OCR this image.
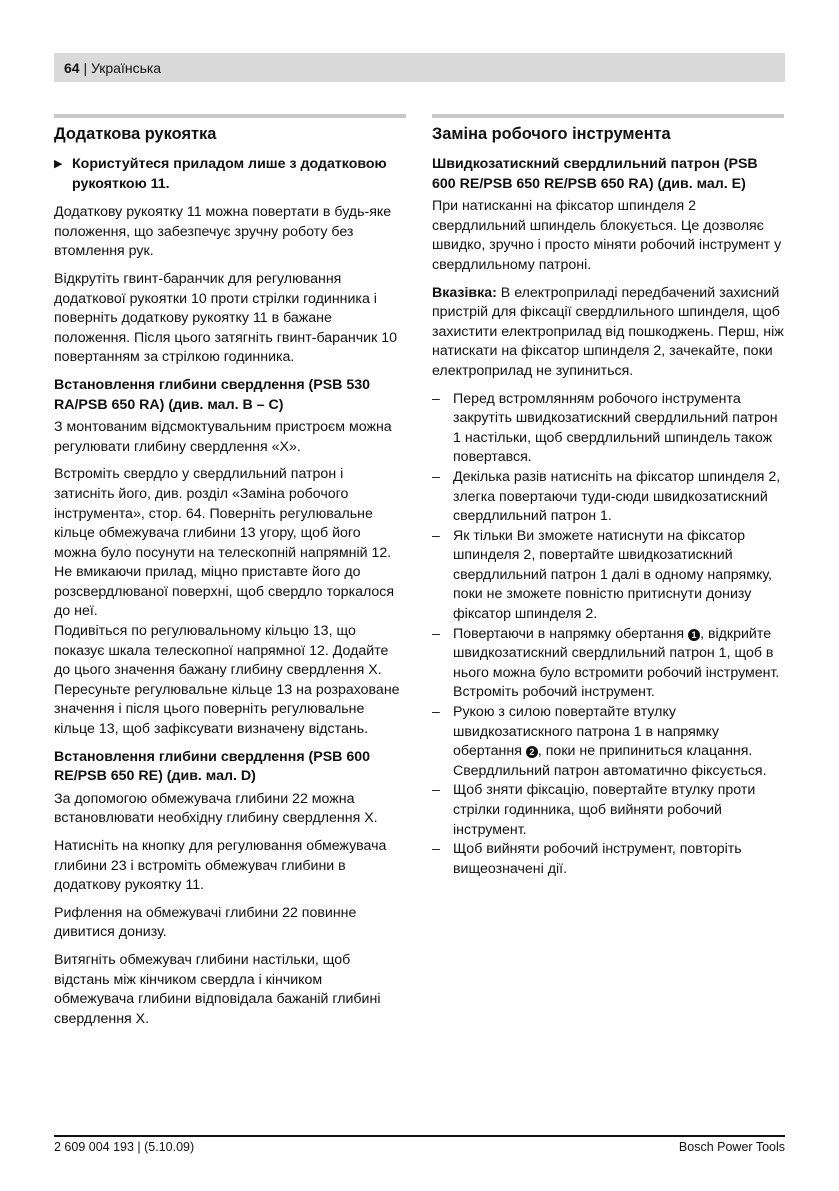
64
|
Українська
Додаткова рукоятка
▶ Користуйтеся приладом лише з додатковою рукояткою 11.

Додаткову рукоятку 11 можна повертати в будь-яке положення, що забезпечує зручну роботу без втомлення рук.

Відкрутіть гвинт-баранчик для регулювання додаткової рукоятки 10 проти стрілки годинника і поверніть додаткову рукоятку 11 в бажане положення. Після цього затягніть гвинт-баранчик 10 повертанням за стрілкою годинника.

Встановлення глибини свердлення (PSB 530 RA/PSB 650 RA) (див. мал. B – C)

З монтованим відсмоктувальним пристроєм можна регулювати глибину свердлення «X».

Встроміть свердло у свердлильний патрон і затисніть його, див. розділ «Заміна робочого інструмента», стор. 64. Поверніть регулювальне кільце обмежувача глибини 13 угору, щоб його можна було посунути на телескопній напрямній 12. Не вмикаючи прилад, міцно приставте його до розсвердлюваної поверхні, щоб свердло торкалося до неї.

Подивіться по регулювальному кільцю 13, що показує шкала телескопної напрямної 12. Додайте до цього значення бажану глибину свердлення X. Пересуньте регулювальне кільце 13 на розраховане значення і після цього поверніть регулювальне кільце 13, щоб зафіксувати визначену відстань.

Встановлення глибини свердлення (PSB 600 RE/PSB 650 RE) (див. мал. D)

За допомогою обмежувача глибини 22 можна встановлювати необхідну глибину свердлення X.

Натисніть на кнопку для регулювання обмежувача глибини 23 і встроміть обмежувач глибини в додаткову рукоятку 11.

Рифлення на обмежувачі глибини 22 повинне дивитися донизу.

Витягніть обмежувач глибини настільки, щоб відстань між кінчиком свердла і кінчиком обмежувача глибини відповідала бажаній глибині свердлення X.

Заміна робочого інструмента
Швидкозатискний свердлильний патрон (PSB 600 RE/PSB 650 RE/PSB 650 RA) (див. мал. E)

При натисканні на фіксатор шпинделя 2 свердлильний шпиндель блокується. Це дозволяє швидко, зручно і просто міняти робочий інструмент у свердлильному патроні.

Вказівка: В електроприладі передбачений захисний пристрій для фіксації свердлильного шпинделя, щоб захистити електроприлад від пошкоджень. Перш, ніж натискати на фіксатор шпинделя 2, зачекайте, поки електроприлад не зупиниться.

– Перед встромлянням робочого інструмента закрутіть швидкозатискний свердлильний патрон 1 настільки, щоб свердлильний шпиндель також повертався.
– Декілька разів натисніть на фіксатор шпинделя 2, злегка повертаючи туди-сюди швидкозатискний свердлильний патрон 1.
– Як тільки Ви зможете натиснути на фіксатор шпинделя 2, повертайте швидкозатискний свердлильний патрон 1 далі в одному напрямку, поки не зможете повністю притиснути донизу фіксатор шпинделя 2.
– Повертаючи в напрямку обертання 1 , відкрийте швидкозатискний свердлильний патрон 1, щоб в нього можна було встромити робочий інструмент. Встроміть робочий інструмент.
– Рукою з силою повертайте втулку швидкозатискного патрона 1 в напрямку обертання 2 , поки не припиниться клацання. Свердлильний патрон автоматично фіксується.
– Щоб зняти фіксацію, повертайте втулку проти стрілки годинника, щоб вийняти робочий інструмент.
– Щоб вийняти робочий інструмент, повторіть вищеозначені дії.
2 609 004 193 | (5.10.09)	Bosch Power Tools
